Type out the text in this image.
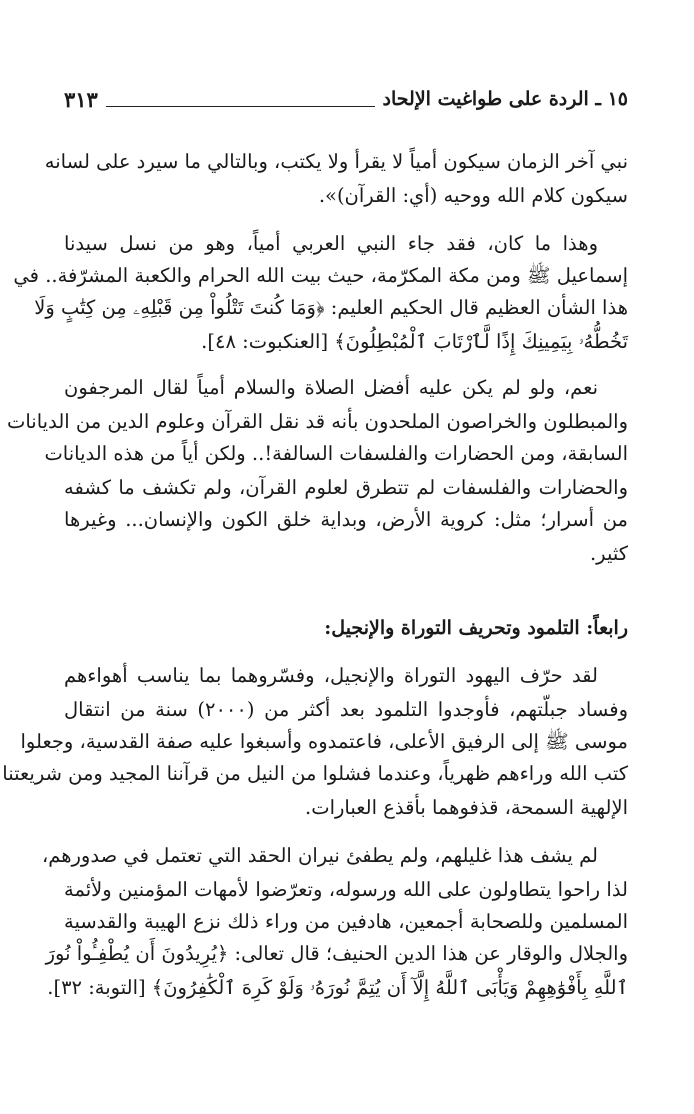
١٥ ـ الردة على طواغيت الإلحاد
٣١٣
نبي آخر الزمان سيكون أمياً لا يقرأ ولا يكتب، وبالتالي ما سيرد على لسانه
سيكون كلام الله ووحيه (أي: القرآن)».
وهذا ما كان، فقد جاء النبي العربي أمياً، وهو من نسل سيدنا
إسماعيل ﷺ ومن مكة المكرّمة، حيث بيت الله الحرام والكعبة المشرّفة.. في
هذا الشأن العظيم قال الحكيم العليم: ﴿وَمَا كُنتَ تَتْلُواْ مِن قَبْلِهِۦ مِن كِتَٰبٍ وَلَا
تَخُطُّهُۥ بِيَمِينِكَ إِذًا لَّٱرْتَابَ ٱلْمُبْطِلُونَ﴾ [العنكبوت: ٤٨].
نعم، ولو لم يكن عليه أفضل الصلاة والسلام أمياً لقال المرجفون
والمبطلون والخراصون الملحدون بأنه قد نقل القرآن وعلوم الدين من الديانات
السابقة، ومن الحضارات والفلسفات السالفة!.. ولكن أياً من هذه الديانات
والحضارات والفلسفات لم تتطرق لعلوم القرآن، ولم تكشف ما كشفه
من أسرار؛ مثل: كروية الأرض، وبداية خلق الكون والإنسان... وغيرها
كثير.
رابعاً: التلمود وتحريف التوراة والإنجيل:
لقد حرّف اليهود التوراة والإنجيل، وفسّروهما بما يناسب أهواءهم
وفساد جبلّتهم، فأوجدوا التلمود بعد أكثر من (٢٠٠٠) سنة من انتقال
موسى ﷺ إلى الرفيق الأعلى، فاعتمدوه وأسبغوا عليه صفة القدسية، وجعلوا
كتب الله وراءهم ظهرياً، وعندما فشلوا من النيل من قرآننا المجيد ومن شريعتنا
الإلهية السمحة، قذفوهما بأقذع العبارات.
لم يشف هذا غليلهم، ولم يطفئ نيران الحقد التي تعتمل في صدورهم،
لذا راحوا يتطاولون على الله ورسوله، وتعرّضوا لأمهات المؤمنين ولأئمة
المسلمين وللصحابة أجمعين، هادفين من وراء ذلك نزع الهيبة والقدسية
والجلال والوقار عن هذا الدين الحنيف؛ قال تعالى: ﴿يُرِيدُونَ أَن يُطْفِـُٔواْ نُورَ
ٱللَّهِ بِأَفْوَٰهِهِمْ وَيَأْبَى ٱللَّهُ إِلَّآ أَن يُتِمَّ نُورَهُۥ وَلَوْ كَرِهَ ٱلْكَٰفِرُونَ﴾ [التوبة: ٣٢].
